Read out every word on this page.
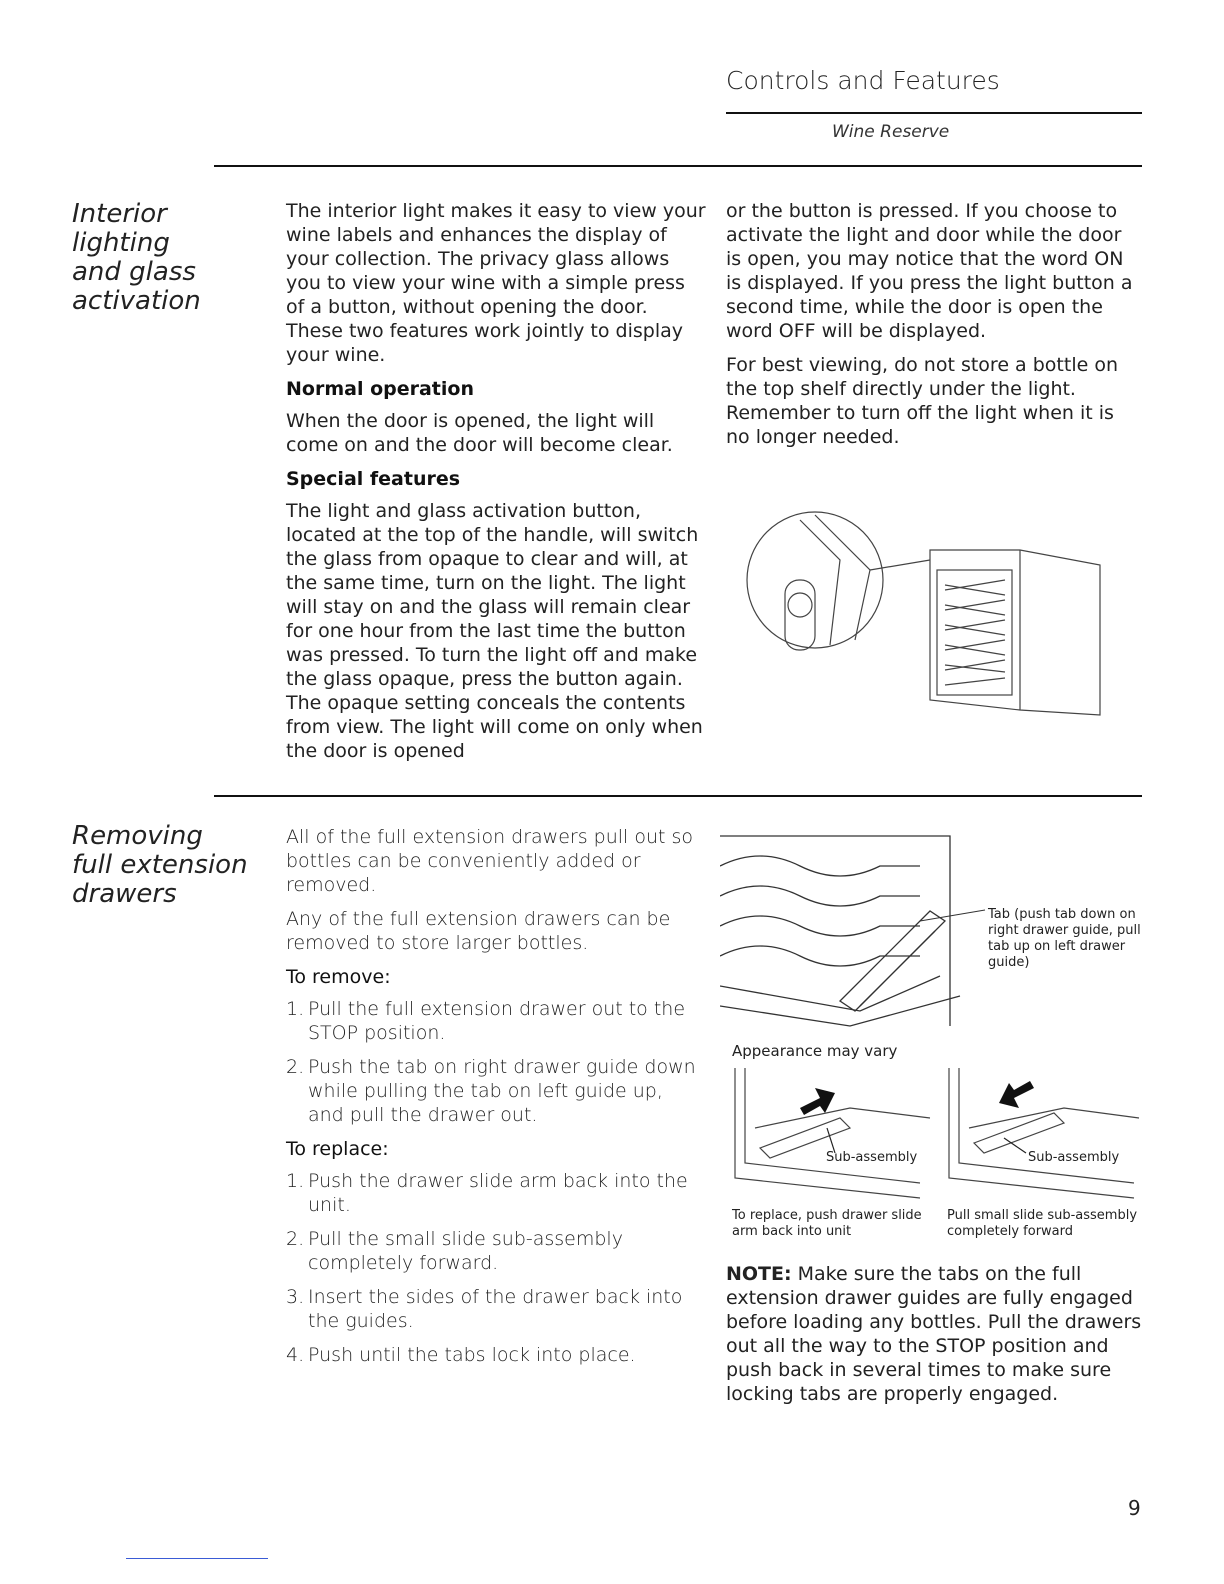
Controls and Features
Wine Reserve
Interior
lighting
and glass
activation

The interior light makes it easy to view your wine labels and enhances the display of your collection. The privacy glass allows you to view your wine with a simple press of a button, without opening the door. These two features work jointly to display your wine.

Normal operation

When the door is opened, the light will come on and the door will become clear.

Special features

The light and glass activation button, located at the top of the handle, will switch the glass from opaque to clear and will, at the same time, turn on the light. The light will stay on and the glass will remain clear for one hour from the last time the button was pressed. To turn the light off and make the glass opaque, press the button again. The opaque setting conceals the contents from view. The light will come on only when the door is opened

or the button is pressed. If you choose to activate the light and door while the door is open, you may notice that the word ON is displayed. If you press the light button a second time, while the door is open the word OFF will be displayed.

For best viewing, do not store a bottle on the top shelf directly under the light. Remember to turn off the light when it is no longer needed.

Removing
full extension
drawers

All of the full extension drawers pull out so bottles can be conveniently added or removed.

Any of the full extension drawers can be removed to store larger bottles.

To remove:
1. Pull the full extension drawer out to the STOP position.
2. Push the tab on right drawer guide down while pulling the tab on left guide up, and pull the drawer out.
To replace:
1. Push the drawer slide arm back into the unit.
2. Pull the small slide sub-assembly completely forward.
3. Insert the sides of the drawer back into the guides.
4. Push until the tabs lock into place.
Tab (push tab down on right drawer guide, pull tab up on left drawer guide)
Appearance may vary
Sub-assembly	Sub-assembly
To replace, push drawer slide arm back into unit
Pull small slide sub-assembly completely forward
NOTE: Make sure the tabs on the full extension drawer guides are fully engaged before loading any bottles. Pull the drawers out all the way to the STOP position and push back in several times to make sure locking tabs are properly engaged.
9
